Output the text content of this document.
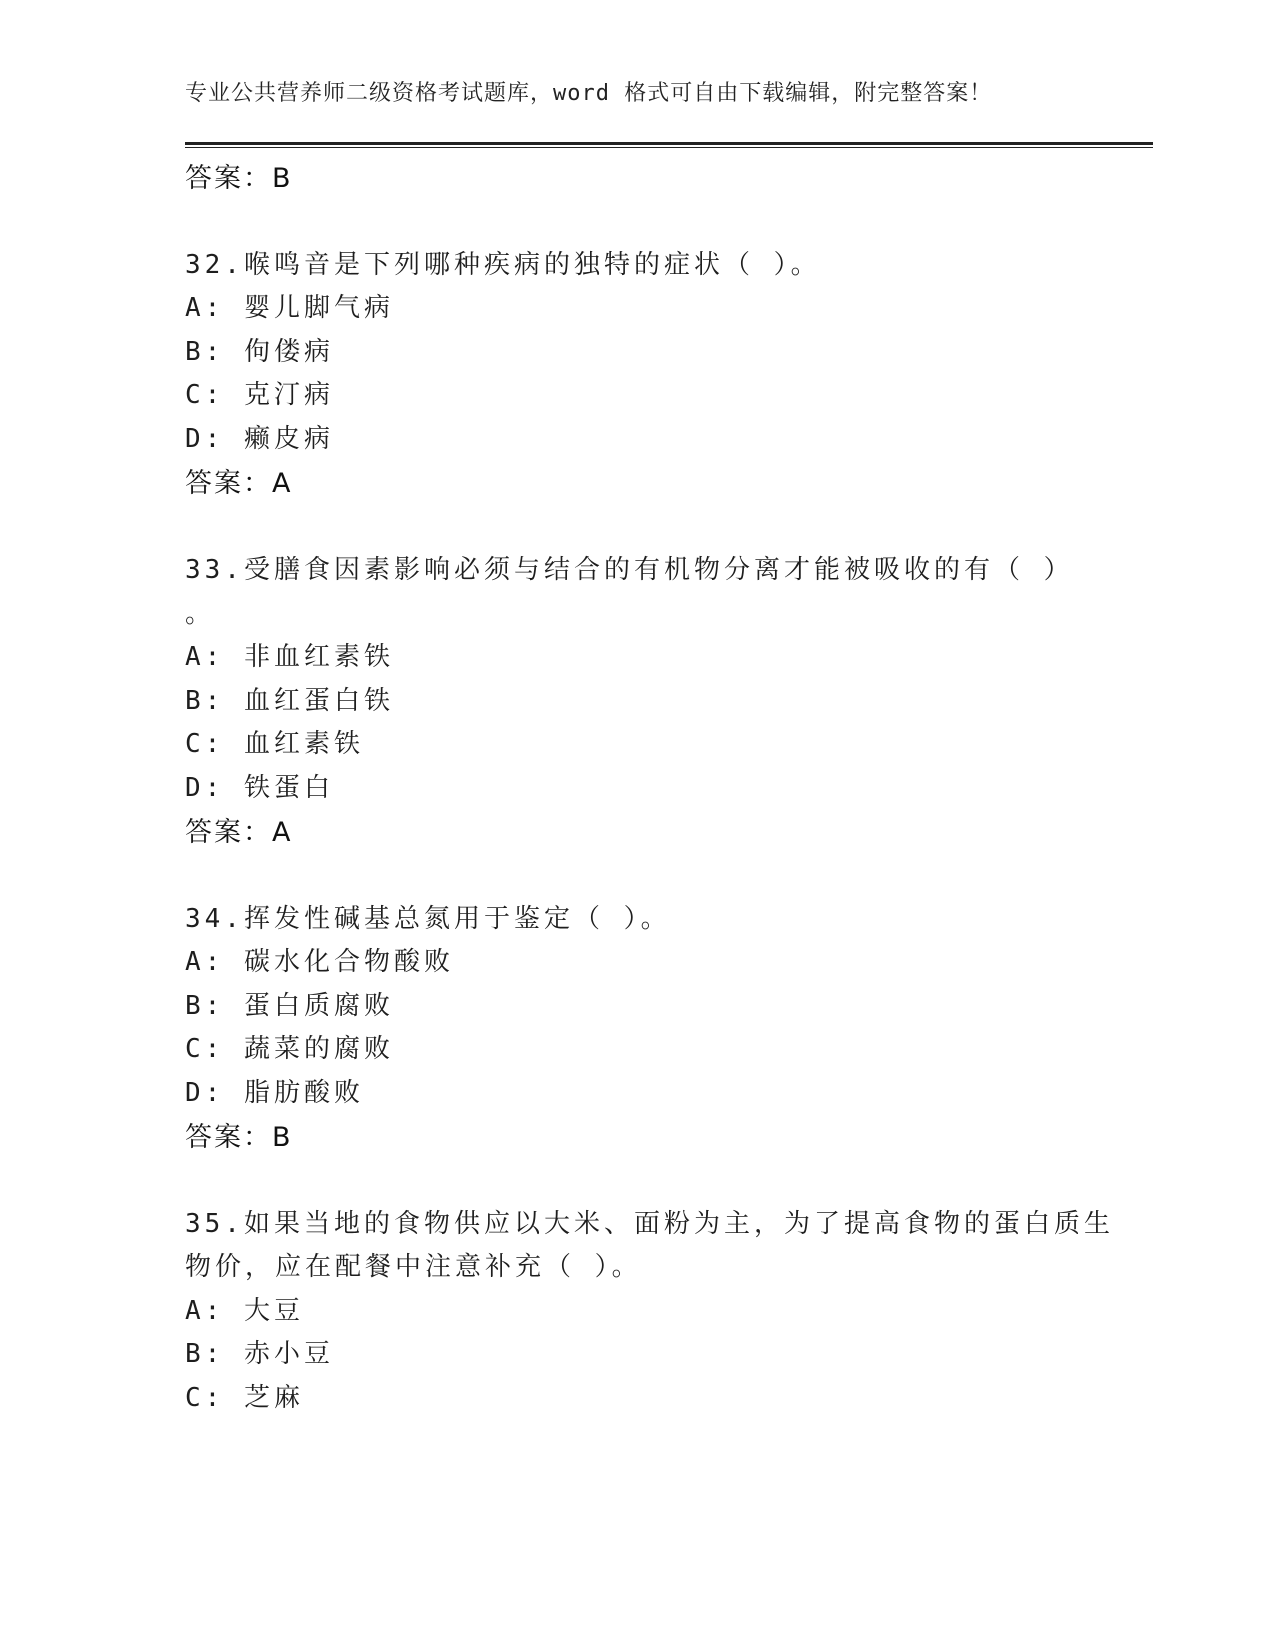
专业公共营养师二级资格考试题库，word 格式可自由下载编辑，附完整答案！
答案：B
32.喉鸣音是下列哪种疾病的独特的症状（ ）。
A: 婴儿脚气病
B: 佝偻病
C: 克汀病
D: 癞皮病
答案：A
33.受膳食因素影响必须与结合的有机物分离才能被吸收的有（ ）
。
A: 非血红素铁
B: 血红蛋白铁
C: 血红素铁
D: 铁蛋白
答案：A
34.挥发性碱基总氮用于鉴定（ ）。
A: 碳水化合物酸败
B: 蛋白质腐败
C: 蔬菜的腐败
D: 脂肪酸败
答案：B
35.如果当地的食物供应以大米、面粉为主，为了提高食物的蛋白质生
物价，应在配餐中注意补充（ ）。
A: 大豆
B: 赤小豆
C: 芝麻
